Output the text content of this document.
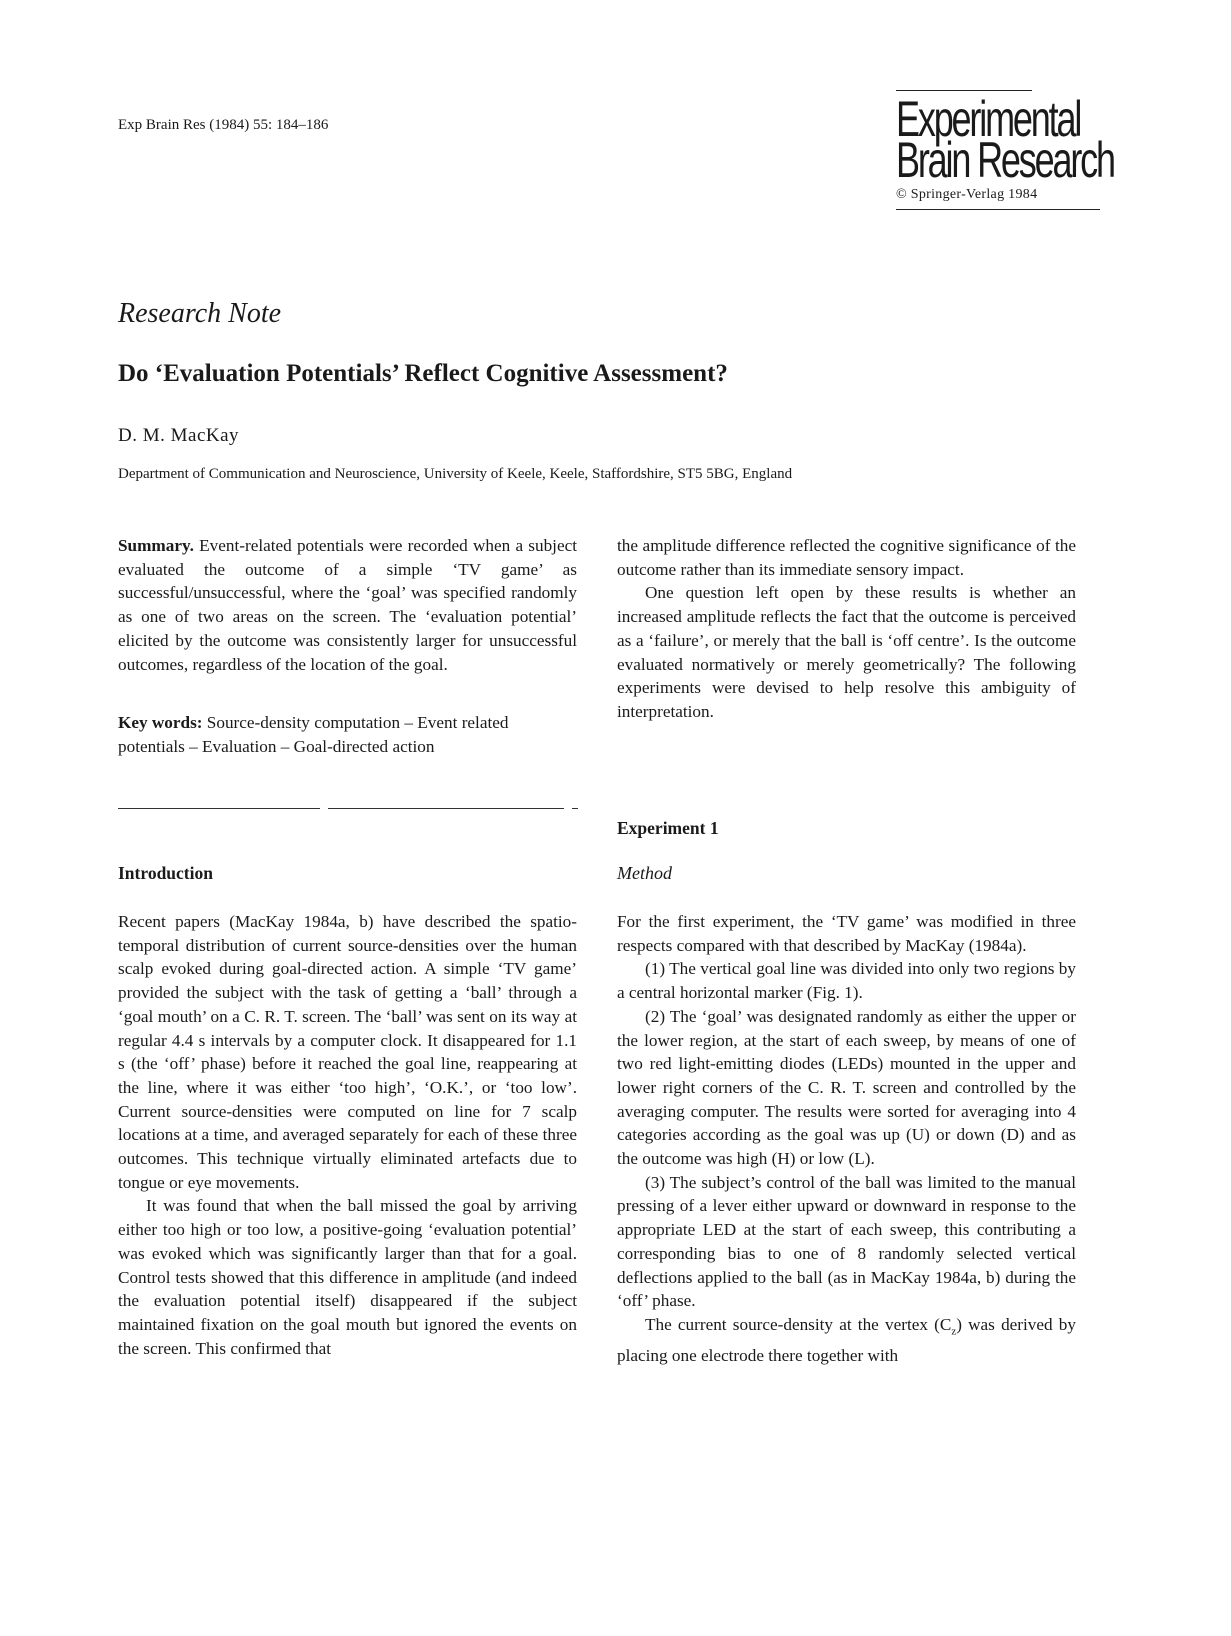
Exp Brain Res (1984) 55: 184–186	Experimental
Brain Research
© Springer-Verlag 1984
Research Note
Do ‘Evaluation Potentials’ Reflect Cognitive Assessment?
D. M. MacKay
Department of Communication and Neuroscience, University of Keele, Keele, Staffordshire, ST5 5BG, England

Summary. Event-related potentials were recorded when a subject evaluated the outcome of a simple ‘TV game’ as successful/unsuccessful, where the ‘goal’ was specified randomly as one of two areas on the screen. The ‘evaluation potential’ elicited by the outcome was consistently larger for unsuccessful outcomes, regardless of the location of the goal.

Key words: Source-density computation – Event related potentials – Evaluation – Goal-directed action

Introduction

Recent papers (MacKay 1984a, b) have described the spatio-temporal distribution of current source-densities over the human scalp evoked during goal-directed action. A simple ‘TV game’ provided the subject with the task of getting a ‘ball’ through a ‘goal mouth’ on a C. R. T. screen. The ‘ball’ was sent on its way at regular 4.4 s intervals by a computer clock. It disappeared for 1.1 s (the ‘off’ phase) before it reached the goal line, reappearing at the line, where it was either ‘too high’, ‘O.K.’, or ‘too low’. Current source-densities were computed on line for 7 scalp locations at a time, and averaged separately for each of these three outcomes. This technique virtually eliminated artefacts due to tongue or eye movements.

It was found that when the ball missed the goal by arriving either too high or too low, a positive-going ‘evaluation potential’ was evoked which was significantly larger than that for a goal. Control tests showed that this difference in amplitude (and indeed the evaluation potential itself) disappeared if the subject maintained fixation on the goal mouth but ignored the events on the screen. This confirmed that

the amplitude difference reflected the cognitive significance of the outcome rather than its immediate sensory impact.

One question left open by these results is whether an increased amplitude reflects the fact that the outcome is perceived as a ‘failure’, or merely that the ball is ‘off centre’. Is the outcome evaluated normatively or merely geometrically? The following experiments were devised to help resolve this ambiguity of interpretation.

Experiment 1
Method

For the first experiment, the ‘TV game’ was modified in three respects compared with that described by MacKay (1984a).

(1) The vertical goal line was divided into only two regions by a central horizontal marker (Fig. 1).

(2) The ‘goal’ was designated randomly as either the upper or the lower region, at the start of each sweep, by means of one of two red light-emitting diodes (LEDs) mounted in the upper and lower right corners of the C. R. T. screen and controlled by the averaging computer. The results were sorted for averaging into 4 categories according as the goal was up (U) or down (D) and as the outcome was high (H) or low (L).

(3) The subject’s control of the ball was limited to the manual pressing of a lever either upward or downward in response to the appropriate LED at the start of each sweep, this contributing a corresponding bias to one of 8 randomly selected vertical deflections applied to the ball (as in MacKay 1984a, b) during the ‘off’ phase.

The current source-density at the vertex $(C_z)$ was derived by placing one electrode there together with
